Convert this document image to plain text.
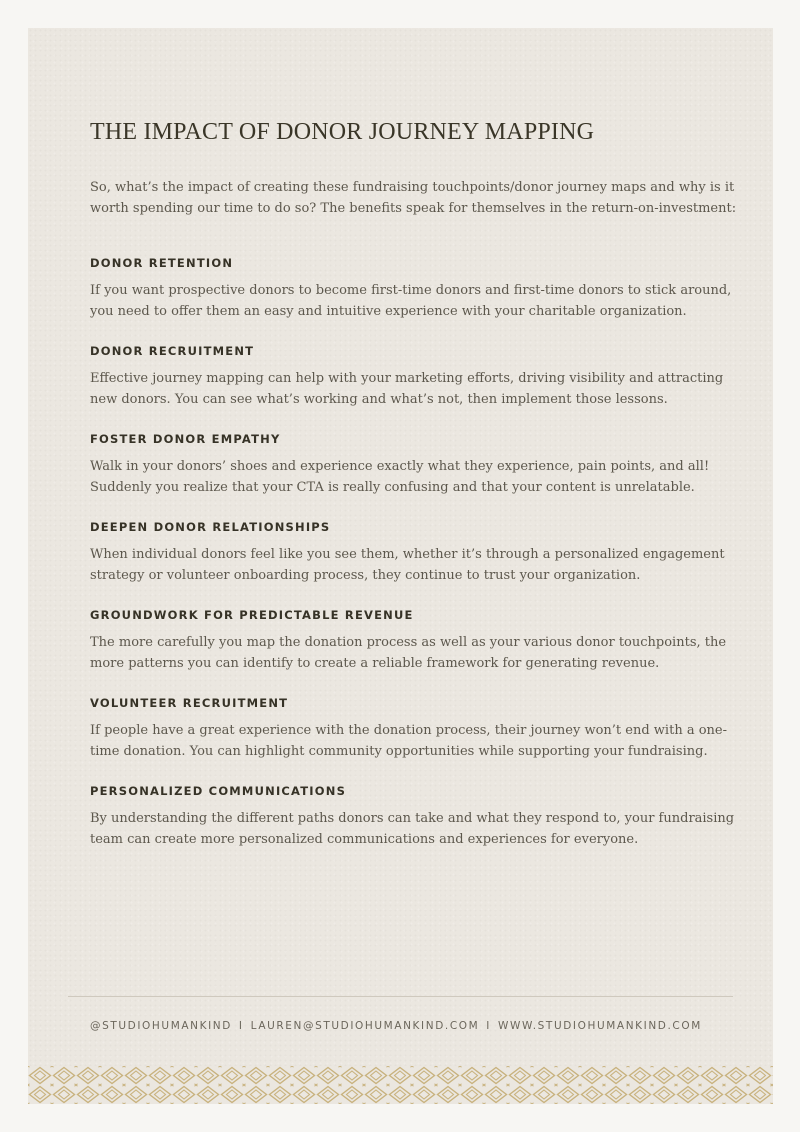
THE IMPACT OF DONOR JOURNEY MAPPING

So, what’s the impact of creating these fundraising touchpoints/donor journey maps and why is it worth spending our time to do so? The benefits speak for themselves in the return-on-investment:

DONOR RETENTION

If you want prospective donors to become first-time donors and first-time donors to stick around, you need to offer them an easy and intuitive experience with your charitable organization.

DONOR RECRUITMENT

Effective journey mapping can help with your marketing efforts, driving visibility and attracting new donors. You can see what’s working and what’s not, then implement those lessons.

FOSTER DONOR EMPATHY

Walk in your donors’ shoes and experience exactly what they experience, pain points, and all! Suddenly you realize that your CTA is really confusing and that your content is unrelatable.

DEEPEN DONOR RELATIONSHIPS

When individual donors feel like you see them, whether it’s through a personalized engagement strategy or volunteer onboarding process, they continue to trust your organization.

GROUNDWORK FOR PREDICTABLE REVENUE

The more carefully you map the donation process as well as your various donor touchpoints, the more patterns you can identify to create a reliable framework for generating revenue.

VOLUNTEER RECRUITMENT

If people have a great experience with the donation process, their journey won’t end with a one-time donation. You can highlight community opportunities while supporting your fundraising.

PERSONALIZED COMMUNICATIONS

By understanding the different paths donors can take and what they respond to, your fundraising team can create more personalized communications and experiences for everyone.

@STUDIOHUMANKIND I LAUREN@STUDIOHUMANKIND.COM I WWW.STUDIOHUMANKIND.COM
